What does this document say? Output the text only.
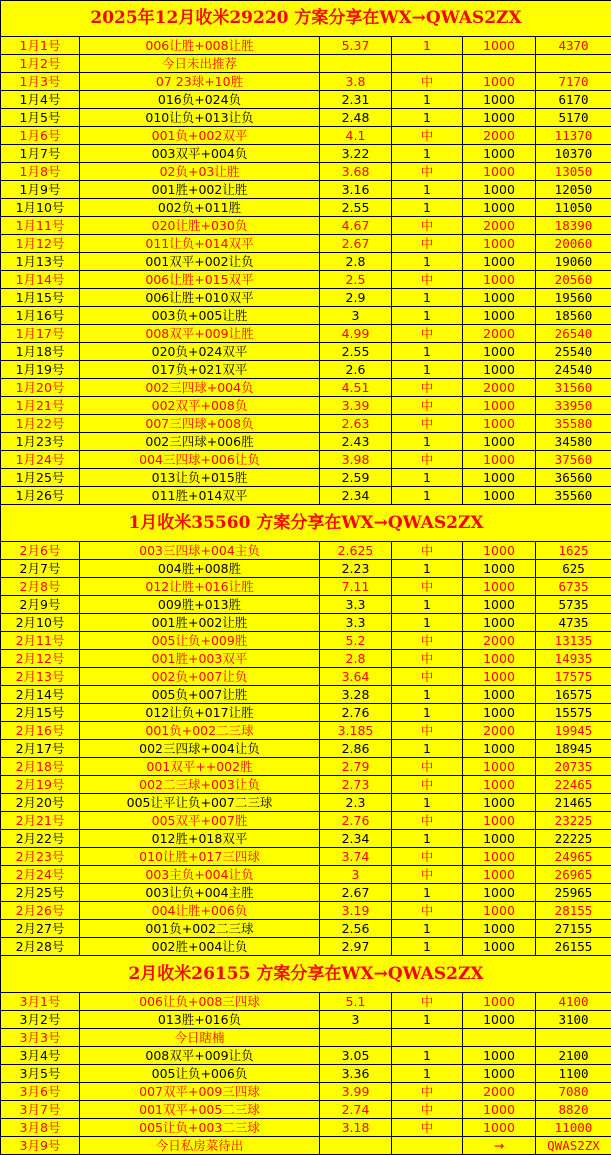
2025年12月收米29220 方案分享在WX→QWAS2ZX					
1月1号	006让胜+008让胜	5.37	1	1000	4370
1月2号	今日未出推荐				
1月3号	07 23球+10胜	3.8	中	1000	7170
1月4号	016负+024负	2.31	1	1000	6170
1月5号	010让负+013让负	2.48	1	1000	5170
1月6号	001负+002双平	4.1	中	2000	11370
1月7号	003双平+004负	3.22	1	1000	10370
1月8号	02负+03让胜	3.68	中	1000	13050
1月9号	001胜+002让胜	3.16	1	1000	12050
1月10号	002负+011胜	2.55	1	1000	11050
1月11号	020让胜+030负	4.67	中	2000	18390
1月12号	011让负+014双平	2.67	中	1000	20060
1月13号	001双平+002让负	2.8	1	1000	19060
1月14号	006让胜+015双平	2.5	中	1000	20560
1月15号	006让胜+010双平	2.9	1	1000	19560
1月16号	003负+005让胜	3	1	1000	18560
1月17号	008双平+009让胜	4.99	中	2000	26540
1月18号	020负+024双平	2.55	1	1000	25540
1月19号	017负+021双平	2.6	1	1000	24540
1月20号	002三四球+004负	4.51	中	2000	31560
1月21号	002双平+008负	3.39	中	1000	33950
1月22号	007三四球+008负	2.63	中	1000	35580
1月23号	002三四球+006胜	2.43	1	1000	34580
1月24号	004三四球+006让负	3.98	中	1000	37560
1月25号	013让负+015胜	2.59	1	1000	36560
1月26号	011胜+014双平	2.34	1	1000	35560
1月收米35560 方案分享在WX→QWAS2ZX					
2月6号	003三四球+004主负	2.625	中	1000	1625
2月7号	004胜+008胜	2.23	1	1000	625
2月8号	012让胜+016让胜	7.11	中	1000	6735
2月9号	009胜+013胜	3.3	1	1000	5735
2月10号	001胜+002让胜	3.3	1	1000	4735
2月11号	005让负+009胜	5.2	中	2000	13135
2月12号	001胜+003双平	2.8	中	1000	14935
2月13号	002负+007让负	3.64	中	1000	17575
2月14号	005负+007让胜	3.28	1	1000	16575
2月15号	012让负+017让胜	2.76	1	1000	15575
2月16号	001负+002二三球	3.185	中	2000	19945
2月17号	002三四球+004让负	2.86	1	1000	18945
2月18号	001双平++002胜	2.79	中	1000	20735
2月19号	002二三球+003让负	2.73	中	1000	22465
2月20号	005让平让负+007二三球	2.3	1	1000	21465
2月21号	005双平+007胜	2.76	中	1000	23225
2月22号	012胜+018双平	2.34	1	1000	22225
2月23号	010让胜+017三四球	3.74	中	1000	24965
2月24号	003主负+004让负	3	中	1000	26965
2月25号	003让负+004主胜	2.67	1	1000	25965
2月26号	004让胜+006负	3.19	中	1000	28155
2月27号	001负+002二三球	2.56	1	1000	27155
2月28号	002胜+004让负	2.97	1	1000	26155
2月收米26155 方案分享在WX→QWAS2ZX					
3月1号	006让负+008三四球	5.1	中	1000	4100
3月2号	013胜+016负	3	1	1000	3100
3月3号	今日瞎楠				
3月4号	008双平+009让负	3.05	1	1000	2100
3月5号	005让负+006负	3.36	1	1000	1100
3月6号	007双平+009三四球	3.99	中	2000	7080
3月7号	001双平+005二三球	2.74	中	1000	8820
3月8号	005让负+003二三球	3.18	中	1000	11000
3月9号	今日私房菜待出			→	QWAS2ZX
